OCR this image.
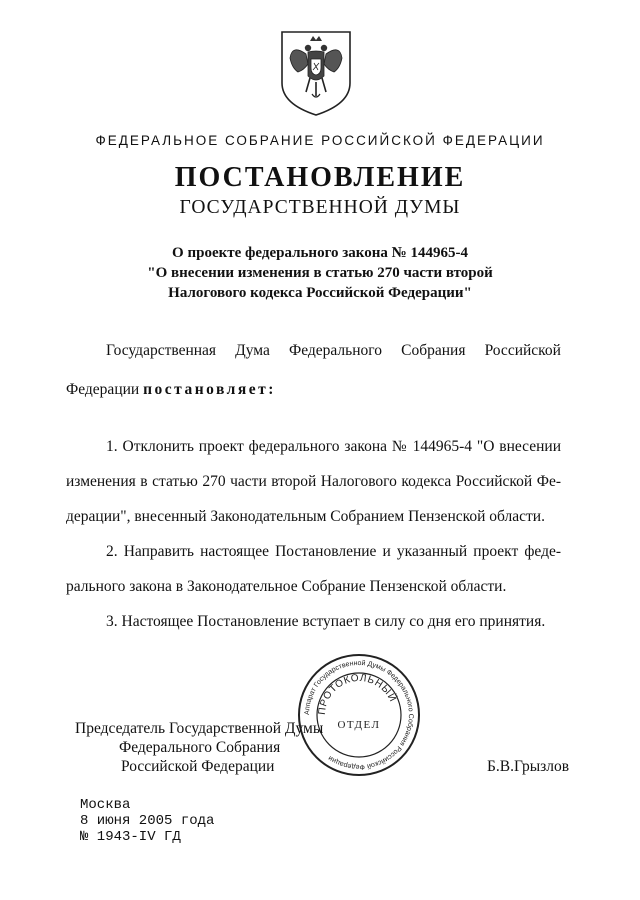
ФЕДЕРАЛЬНОЕ СОБРАНИЕ РОССИЙСКОЙ ФЕДЕРАЦИИ
ПОСТАНОВЛЕНИЕ
ГОСУДАРСТВЕННОЙ ДУМЫ
О проекте федерального закона № 144965-4
"О внесении изменения в статью 270 части второй
Налогового кодекса Российской Федерации"
Государственная Дума Федерального Собрания Российской
Федерации постановляет:
1. Отклонить проект федерального закона № 144965-4 "О внесении
изменения в статью 270 части второй Налогового кодекса Российской Фе-
дерации", внесенный Законодательным Собранием Пензенской области.
2. Направить настоящее Постановление и указанный проект феде-
рального закона в Законодательное Собрание Пензенской области.
3. Настоящее Постановление вступает в силу со дня его принятия.
Аппарат Государственной Думы Федерального Собрания Российской Федерации
ПРОТОКОЛЬНЫЙ
ОТДЕЛ
Председатель Государственной Думы
Федерального Собрания
Российской Федерации	Б.В.Грызлов
Москва
8 июня 2005 года
№ 1943-IV ГД
